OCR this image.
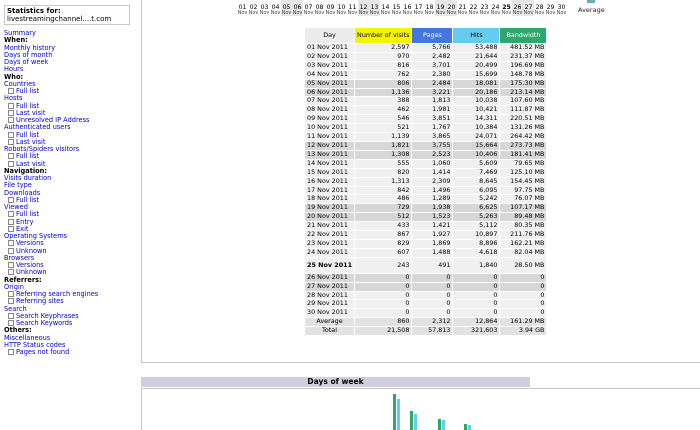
Statistics for:
livestreamingchannel....t.com
Summary
When:
Monthly history
Days of month
Days of week
Hours
Who:
Countries
Full list
Hosts
Full list
Last visit
Unresolved IP Address
Authenticated users
Full list
Last visit
Robots/Spiders visitors
Full list
Last visit
Navigation:
Visits duration
File type
Downloads
Full list
Viewed
Full list
Entry
Exit
Operating Systems
Versions
Unknown
Browsers
Versions
Unknown
Referrers:
Origin
Referring search engines
Referring sites
Search
Search Keyphrases
Search Keywords
Others:
Miscellaneous
HTTP Status codes
Pages not found
01
Nov
02
Nov
03
Nov
04
Nov
05
Nov
06
Nov
07
Nov
08
Nov
09
Nov
10
Nov
11
Nov
12
Nov
13
Nov
14
Nov
15
Nov
16
Nov
17
Nov
18
Nov
19
Nov
20
Nov
21
Nov
22
Nov
23
Nov
24
Nov
25
Nov
26
Nov
27
Nov
28
Nov
29
Nov
30
Nov Average
Day	Number of visits	Pages	Hits	Bandwidth
01 Nov 2011	2,597	5,766	53,488	481.52 MB
02 Nov 2011	970	2,482	21,644	231.37 MB
03 Nov 2011	816	3,701	20,499	196.69 MB
04 Nov 2011	762	2,380	15,699	148.78 MB
05 Nov 2011	806	2,484	18,081	175.30 MB
06 Nov 2011	1,136	3,221	20,186	213.14 MB
07 Nov 2011	388	1,813	10,038	107.60 MB
08 Nov 2011	462	1,981	10,421	111.87 MB
09 Nov 2011	546	3,851	14,311	220.51 MB
10 Nov 2011	521	1,767	10,384	131.26 MB
11 Nov 2011	1,139	3,865	24,071	264.42 MB
12 Nov 2011	1,821	3,755	15,664	273.73 MB
13 Nov 2011	1,308	2,523	10,406	181.41 MB
14 Nov 2011	555	1,060	5,609	79.65 MB
15 Nov 2011	820	1,414	7,469	125.10 MB
16 Nov 2011	1,313	2,309	8,645	154.45 MB
17 Nov 2011	842	1,496	6,095	97.75 MB
18 Nov 2011	486	1,289	5,242	76.07 MB
19 Nov 2011	729	1,938	6,625	107.17 MB
20 Nov 2011	512	1,523	5,263	89.48 MB
21 Nov 2011	433	1,421	5,112	80.35 MB
22 Nov 2011	867	1,927	10,897	211.76 MB
23 Nov 2011	829	1,869	8,896	162.21 MB
24 Nov 2011	607	1,488	4,618	82.04 MB
25 Nov 2011	243	491	1,840	28.50 MB
26 Nov 2011	0	0	0	0
27 Nov 2011	0	0	0	0
28 Nov 2011	0	0	0	0
29 Nov 2011	0	0	0	0
30 Nov 2011	0	0	0	0
Average	860	2,312	12,864	161.29 MB
Total	21,508	57,813	321,603	3.94 GB
Days of week
